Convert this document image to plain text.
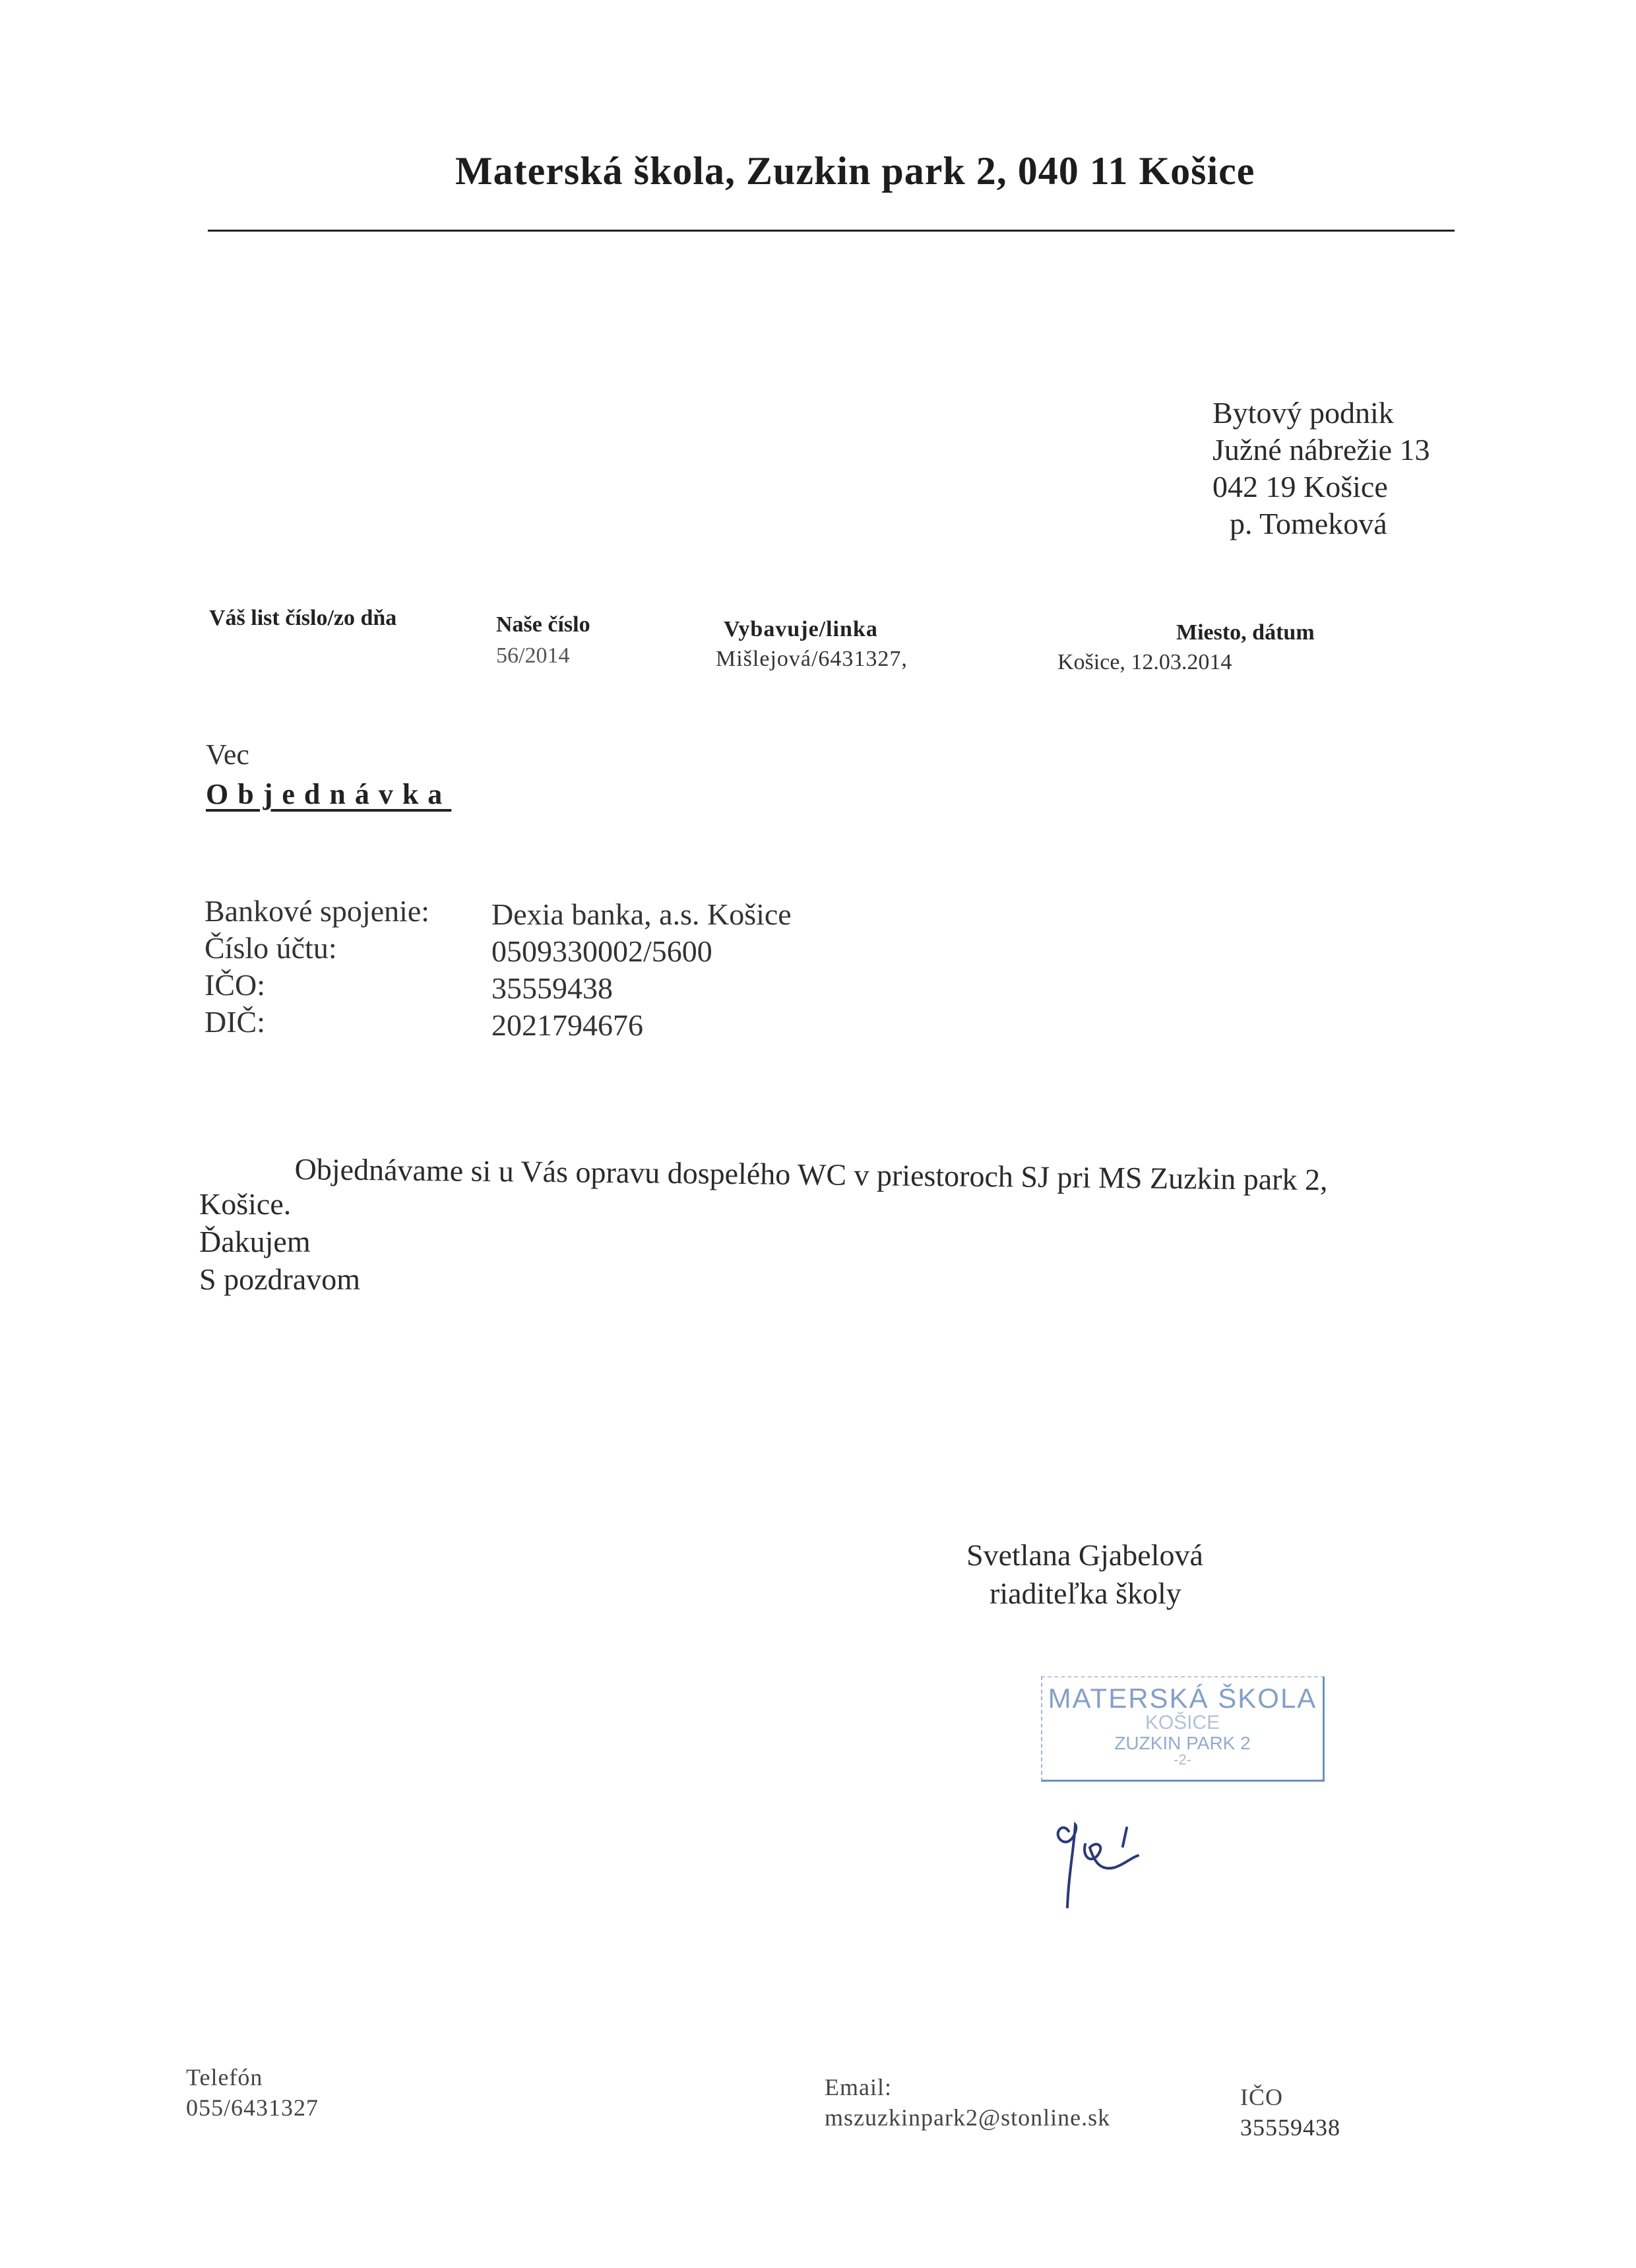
Materská škola, Zuzkin park 2, 040 11 Košice
Bytový podnik
Južné nábrežie 13
042 19 Košice
p. Tomeková
Váš list číslo/zo dňa	Naše číslo
56/2014
Vybavuje/linka
Mišlejová/6431327,
Miesto, dátum
Košice, 12.03.2014
Vec
Objednávka
Bankové spojenie:
Číslo účtu:
IČO:
DIČ:
Dexia banka, a.s. Košice
0509330002/5600
35559438
2021794676
Objednávame si u Vás opravu dospelého WC v priestoroch SJ pri MS Zuzkin park 2,
Košice.
Ďakujem
S pozdravom
Svetlana Gjabelová
riaditeľka školy
MATERSKÁ ŠKOLA
KOŠICE
ZUZKIN PARK 2
-2-
Telefón
055/6431327
Email:
mszuzkinpark2@stonline.sk
IČO
35559438
